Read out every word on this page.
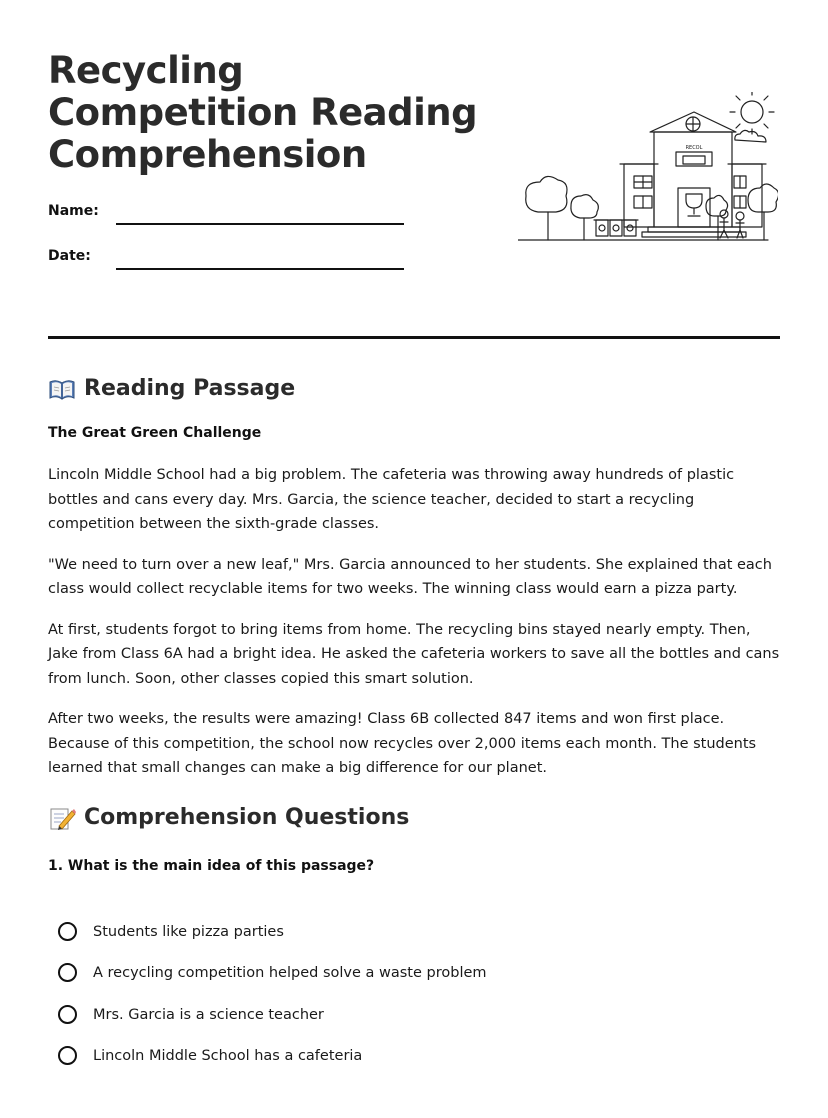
Recycling Competition Reading Comprehension
Name:
Date:
RECOL
Reading Passage
The Great Green Challenge

Lincoln Middle School had a big problem. The cafeteria was throwing away hundreds of plastic bottles and cans every day. Mrs. Garcia, the science teacher, decided to start a recycling competition between the sixth-grade classes.

"We need to turn over a new leaf," Mrs. Garcia announced to her students. She explained that each class would collect recyclable items for two weeks. The winning class would earn a pizza party.

At first, students forgot to bring items from home. The recycling bins stayed nearly empty. Then, Jake from Class 6A had a bright idea. He asked the cafeteria workers to save all the bottles and cans from lunch. Soon, other classes copied this smart solution.

After two weeks, the results were amazing! Class 6B collected 847 items and won first place. Because of this competition, the school now recycles over 2,000 items each month. The students learned that small changes can make a big difference for our planet.

Comprehension Questions
1. What is the main idea of this passage?
Students like pizza parties
A recycling competition helped solve a waste problem
Mrs. Garcia is a science teacher
Lincoln Middle School has a cafeteria
